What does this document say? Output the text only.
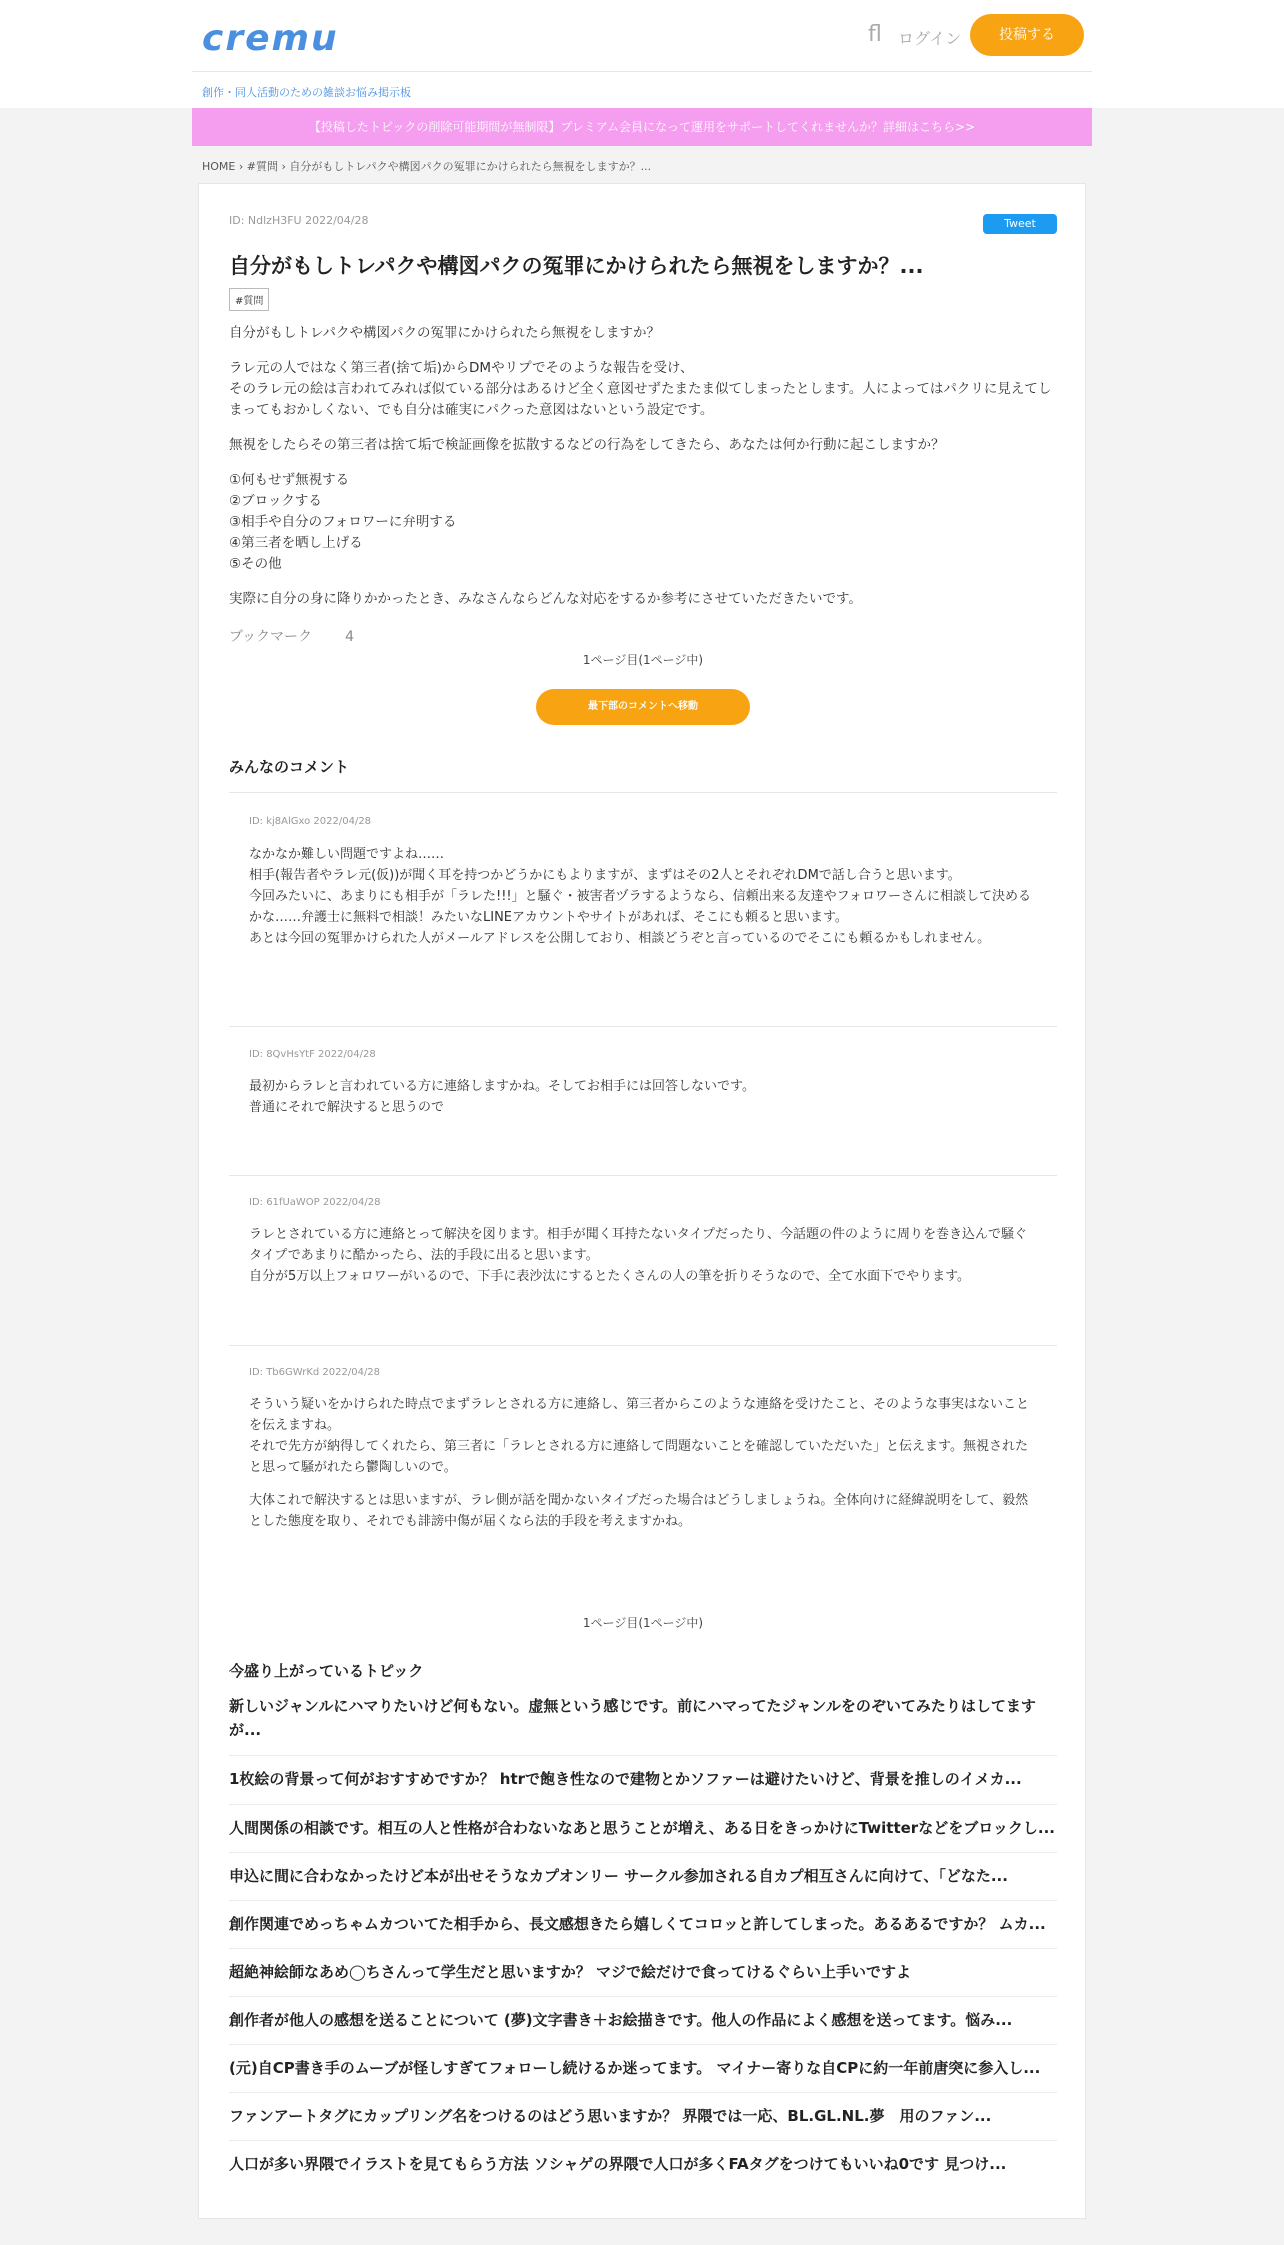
cremu	fl ログイン	投稿する
創作・同人活動のための雑談お悩み掲示板
【投稿したトピックの削除可能期間が無制限】プレミアム会員になって運用をサポートしてくれませんか？詳細はこちら>>
HOME › #質問 › 自分がもしトレパクや構図パクの冤罪にかけられたら無視をしますか？...
ID: NdlzH3FU 2022/04/28	Tweet
自分がもしトレパクや構図パクの冤罪にかけられたら無視をしますか？...
#質問

自分がもしトレパクや構図パクの冤罪にかけられたら無視をしますか？

ラレ元の人ではなく第三者(捨て垢)からDMやリプでそのような報告を受け、
そのラレ元の絵は言われてみれば似ている部分はあるけど全く意図せずたまたま似てしまったとします。人によってはパクリに見えてしまってもおかしくない、でも自分は確実にパクった意図はないという設定です。

無視をしたらその第三者は捨て垢で検証画像を拡散するなどの行為をしてきたら、あなたは何か行動に起こしますか？

①何もせず無視する
②ブロックする
③相手や自分のフォロワーに弁明する
④第三者を晒し上げる
⑤その他

実際に自分の身に降りかかったとき、みなさんならどんな対応をするか参考にさせていただきたいです。

ブックマーク 4
1ページ目(1ページ中)
最下部のコメントへ移動
みんなのコメント
ID: kj8AlGxo 2022/04/28

なかなか難しい問題ですよね……
相手(報告者やラレ元(仮))が聞く耳を持つかどうかにもよりますが、まずはその2人とそれぞれDMで話し合うと思います。
今回みたいに、あまりにも相手が「ラレた!!!」と騒ぐ・被害者ヅラするようなら、信頼出来る友達やフォロワーさんに相談して決めるかな……弁護士に無料で相談！みたいなLINEアカウントやサイトがあれば、そこにも頼ると思います。
あとは今回の冤罪かけられた人がメールアドレスを公開しており、相談どうぞと言っているのでそこにも頼るかもしれません。

ID: 8QvHsYtF 2022/04/28

最初からラレと言われている方に連絡しますかね。そしてお相手には回答しないです。
普通にそれで解決すると思うので

ID: 61fUaWOP 2022/04/28

ラレとされている方に連絡とって解決を図ります。相手が聞く耳持たないタイプだったり、今話題の件のように周りを巻き込んで騒ぐタイプであまりに酷かったら、法的手段に出ると思います。
自分が5万以上フォロワーがいるので、下手に表沙汰にするとたくさんの人の筆を折りそうなので、全て水面下でやります。

ID: Tb6GWrKd 2022/04/28

そういう疑いをかけられた時点でまずラレとされる方に連絡し、第三者からこのような連絡を受けたこと、そのような事実はないことを伝えますね。
それで先方が納得してくれたら、第三者に「ラレとされる方に連絡して問題ないことを確認していただいた」と伝えます。無視されたと思って騒がれたら鬱陶しいので。

大体これで解決するとは思いますが、ラレ側が話を聞かないタイプだった場合はどうしましょうね。全体向けに経緯説明をして、毅然とした態度を取り、それでも誹謗中傷が届くなら法的手段を考えますかね。

1ページ目(1ページ中)
今盛り上がっているトピック
新しいジャンルにハマりたいけど何もない。虚無という感じです。前にハマってたジャンルをのぞいてみたりはしてますが...
1枚絵の背景って何がおすすめですか？ htrで飽き性なので建物とかソファーは避けたいけど、背景を推しのイメカ...
人間関係の相談です。相互の人と性格が合わないなあと思うことが増え、ある日をきっかけにTwitterなどをブロックし...
申込に間に合わなかったけど本が出せそうなカプオンリー サークル参加される自カプ相互さんに向けて、「どなた...
創作関連でめっちゃムカついてた相手から、長文感想きたら嬉しくてコロッと許してしまった。あるあるですか？ ムカ...
超絶神絵師なあめ◯ちさんって学生だと思いますか？ マジで絵だけで食ってけるぐらい上手いですよ
創作者が他人の感想を送ることについて (夢)文字書き＋お絵描きです。他人の作品によく感想を送ってます。悩み...
(元)自CP書き手のムーブが怪しすぎてフォローし続けるか迷ってます。 マイナー寄りな自CPに約一年前唐突に参入し...
ファンアートタグにカップリング名をつけるのはどう思いますか？ 界隈では一応、BL.GL.NL.夢　用のファン...
人口が多い界隈でイラストを見てもらう方法 ソシャゲの界隈で人口が多くFAタグをつけてもいいね0です 見つけ...
